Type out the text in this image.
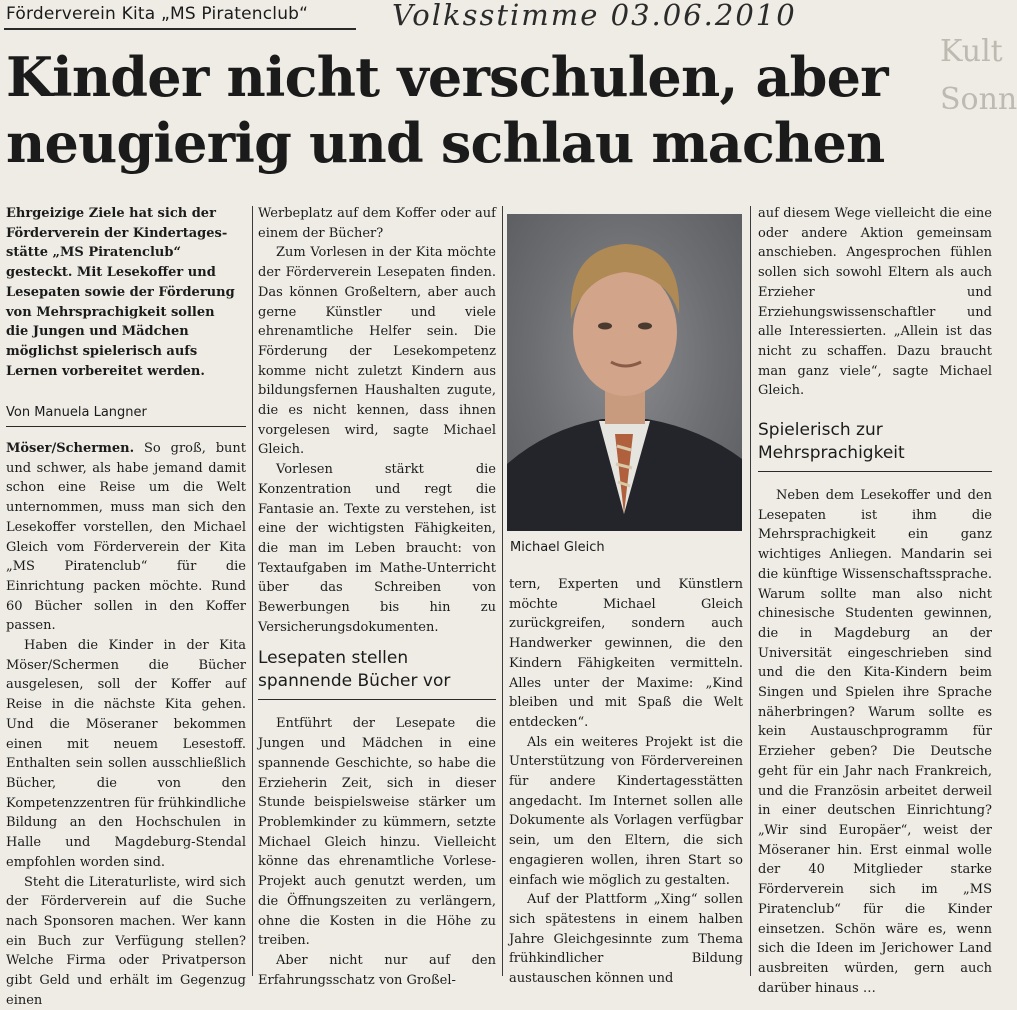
Förderverein Kita „MS Piratenclub“	Volksstimme 03.06.2010
Kult
Sonn
Kinder nicht verschulen, aber
neugierig und schlau machen
Ehrgeizige Ziele hat sich der
Förderverein der Kindertages-
stätte „MS Piratenclub“
gesteckt. Mit Lesekoffer und
Lesepaten sowie der Förderung
von Mehrsprachigkeit sollen
die Jungen und Mädchen
möglichst spielerisch aufs
Lernen vorbereitet werden.
Von Manuela Langner

Möser/Schermen. So groß, bunt und schwer, als habe jemand damit schon eine Reise um die Welt unternommen, muss man sich den Lesekoffer vorstellen, den Michael Gleich vom Förderverein der Kita „MS Piratenclub“ für die Einrichtung packen möchte. Rund 60 Bücher sollen in den Koffer passen.

Haben die Kinder in der Kita Möser/Schermen die Bücher ausgelesen, soll der Koffer auf Reise in die nächste Kita gehen. Und die Möseraner bekommen einen mit neuem Lesestoff. Enthalten sein sollen ausschließlich Bücher, die von den Kompetenzzentren für frühkindliche Bildung an den Hochschulen in Halle und Magdeburg-Stendal empfohlen worden sind.

Steht die Literaturliste, wird sich der Förderverein auf die Suche nach Sponsoren machen. Wer kann ein Buch zur Verfügung stellen? Welche Firma oder Privatperson gibt Geld und erhält im Gegenzug einen

Werbeplatz auf dem Koffer oder auf einem der Bücher?

Zum Vorlesen in der Kita möchte der Förderverein Lesepaten finden. Das können Großeltern, aber auch gerne Künstler und viele ehrenamtliche Helfer sein. Die Förderung der Lesekompetenz komme nicht zuletzt Kindern aus bildungsfernen Haushalten zugute, die es nicht kennen, dass ihnen vorgelesen wird, sagte Michael Gleich.

Vorlesen stärkt die Konzentration und regt die Fantasie an. Texte zu verstehen, ist eine der wichtigsten Fähigkeiten, die man im Leben braucht: von Textaufgaben im Mathe-Unterricht über das Schreiben von Bewerbungen bis hin zu Versicherungsdokumenten.

Lesepaten stellen spannende Bücher vor

Entführt der Lesepate die Jungen und Mädchen in eine spannende Geschichte, so habe die Erzieherin Zeit, sich in dieser Stunde beispielsweise stärker um Problemkinder zu kümmern, setzte Michael Gleich hinzu. Vielleicht könne das ehrenamtliche Vorlese-Projekt auch genutzt werden, um die Öffnungszeiten zu verlängern, ohne die Kosten in die Höhe zu treiben.

Aber nicht nur auf den Erfahrungsschatz von Großel-

Michael Gleich

tern, Experten und Künstlern möchte Michael Gleich zurückgreifen, sondern auch Handwerker gewinnen, die den Kindern Fähigkeiten vermitteln. Alles unter der Maxime: „Kind bleiben und mit Spaß die Welt entdecken“.

Als ein weiteres Projekt ist die Unterstützung von Fördervereinen für andere Kindertagesstätten angedacht. Im Internet sollen alle Dokumente als Vorlagen verfügbar sein, um den Eltern, die sich engagieren wollen, ihren Start so einfach wie möglich zu gestalten.

Auf der Plattform „Xing“ sollen sich spätestens in einem halben Jahre Gleichgesinnte zum Thema frühkindlicher Bildung austauschen können und

auf diesem Wege vielleicht die eine oder andere Aktion gemeinsam anschieben. Angesprochen fühlen sollen sich sowohl Eltern als auch Erzieher und Erziehungswissenschaftler und alle Interessierten. „Allein ist das nicht zu schaffen. Dazu braucht man ganz viele“, sagte Michael Gleich.

Spielerisch zur Mehrsprachigkeit

Neben dem Lesekoffer und den Lesepaten ist ihm die Mehrsprachigkeit ein ganz wichtiges Anliegen. Mandarin sei die künftige Wissenschaftssprache. Warum sollte man also nicht chinesische Studenten gewinnen, die in Magdeburg an der Universität eingeschrieben sind und die den Kita-Kindern beim Singen und Spielen ihre Sprache näherbringen? Warum sollte es kein Austauschprogramm für Erzieher geben? Die Deutsche geht für ein Jahr nach Frankreich, und die Französin arbeitet derweil in einer deutschen Einrichtung? „Wir sind Europäer“, weist der Möseraner hin. Erst einmal wolle der 40 Mitglieder starke Förderverein sich im „MS Piratenclub“ für die Kinder einsetzen. Schön wäre es, wenn sich die Ideen im Jerichower Land ausbreiten würden, gern auch darüber hinaus …
